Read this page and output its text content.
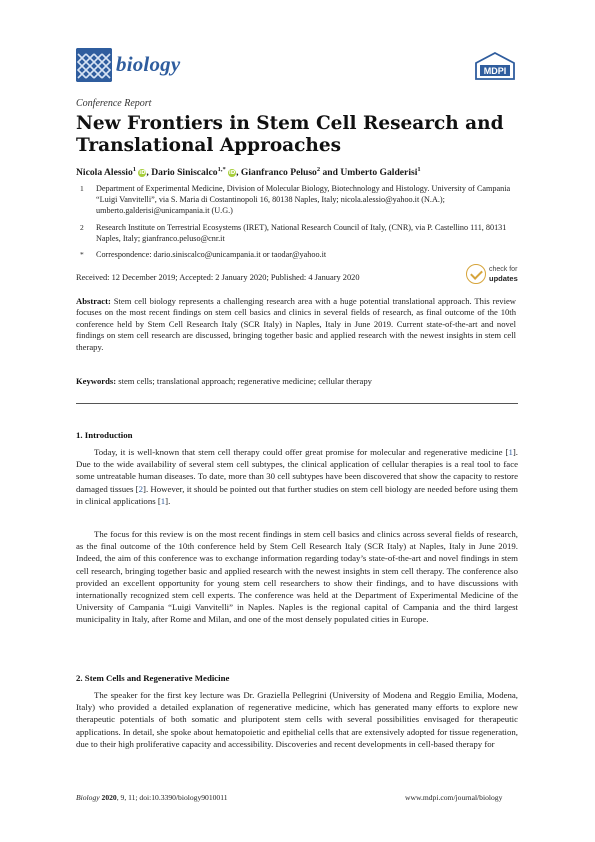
biology	MDPI
Conference Report
New Frontiers in Stem Cell Research and Translational Approaches
Nicola Alessio$^1$ iD, Dario Siniscalco$^{1,*}$ iD, Gianfranco Peluso$^2$ and Umberto Galderisi$^1$
1 Department of Experimental Medicine, Division of Molecular Biology, Biotechnology and Histology. University of Campania “Luigi Vanvitelli”, via S. Maria di Costantinopoli 16, 80138 Naples, Italy; nicola.alessio@yahoo.it (N.A.); umberto.galderisi@unicampania.it (U.G.)
2 Research Institute on Terrestrial Ecosystems (IRET), National Research Council of Italy, (CNR), via P. Castellino 111, 80131 Naples, Italy; gianfranco.peluso@cnr.it
* Correspondence: dario.siniscalco@unicampania.it or taodar@yahoo.it
Received: 12 December 2019; Accepted: 2 January 2020; Published: 4 January 2020
check for
updates
Abstract: Stem cell biology represents a challenging research area with a huge potential translational approach. This review focuses on the most recent findings on stem cell basics and clinics in several fields of research, as final outcome of the 10th conference held by Stem Cell Research Italy (SCR Italy) in Naples, Italy in June 2019. Current state-of-the-art and novel findings on stem cell research are discussed, bringing together basic and applied research with the newest insights in stem cell therapy.
Keywords: stem cells; translational approach; regenerative medicine; cellular therapy
1. Introduction
Today, it is well-known that stem cell therapy could offer great promise for molecular and regenerative medicine [1]. Due to the wide availability of several stem cell subtypes, the clinical application of cellular therapies is a real tool to face some untreatable human diseases. To date, more than 30 cell subtypes have been discovered that show the capacity to restore damaged tissues [2]. However, it should be pointed out that further studies on stem cell biology are needed before using them in clinical applications [1].
The focus for this review is on the most recent findings in stem cell basics and clinics across several fields of research, as the final outcome of the 10th conference held by Stem Cell Research Italy (SCR Italy) at Naples, Italy in June 2019. Indeed, the aim of this conference was to exchange information regarding today’s state-of-the-art and novel findings in stem cell research, bringing together basic and applied research with the newest insights in stem cell therapy. The conference also provided an excellent opportunity for young stem cell researchers to show their findings, and to have discussions with internationally recognized stem cell experts. The conference was held at the Department of Experimental Medicine of the University of Campania “Luigi Vanvitelli” in Naples. Naples is the regional capital of Campania and the third largest municipality in Italy, after Rome and Milan, and one of the most densely populated cities in Europe.
2. Stem Cells and Regenerative Medicine
The speaker for the first key lecture was Dr. Graziella Pellegrini (University of Modena and Reggio Emilia, Modena, Italy) who provided a detailed explanation of regenerative medicine, which has generated many efforts to explore new therapeutic potentials of both somatic and pluripotent stem cells with several possibilities envisaged for therapeutic applications. In detail, she spoke about hematopoietic and epithelial cells that are extensively adopted for tissue regeneration, due to their high proliferative capacity and accessibility. Discoveries and recent developments in cell-based therapy for
Biology 2020, 9, 11; doi:10.3390/biology9010011	www.mdpi.com/journal/biology
